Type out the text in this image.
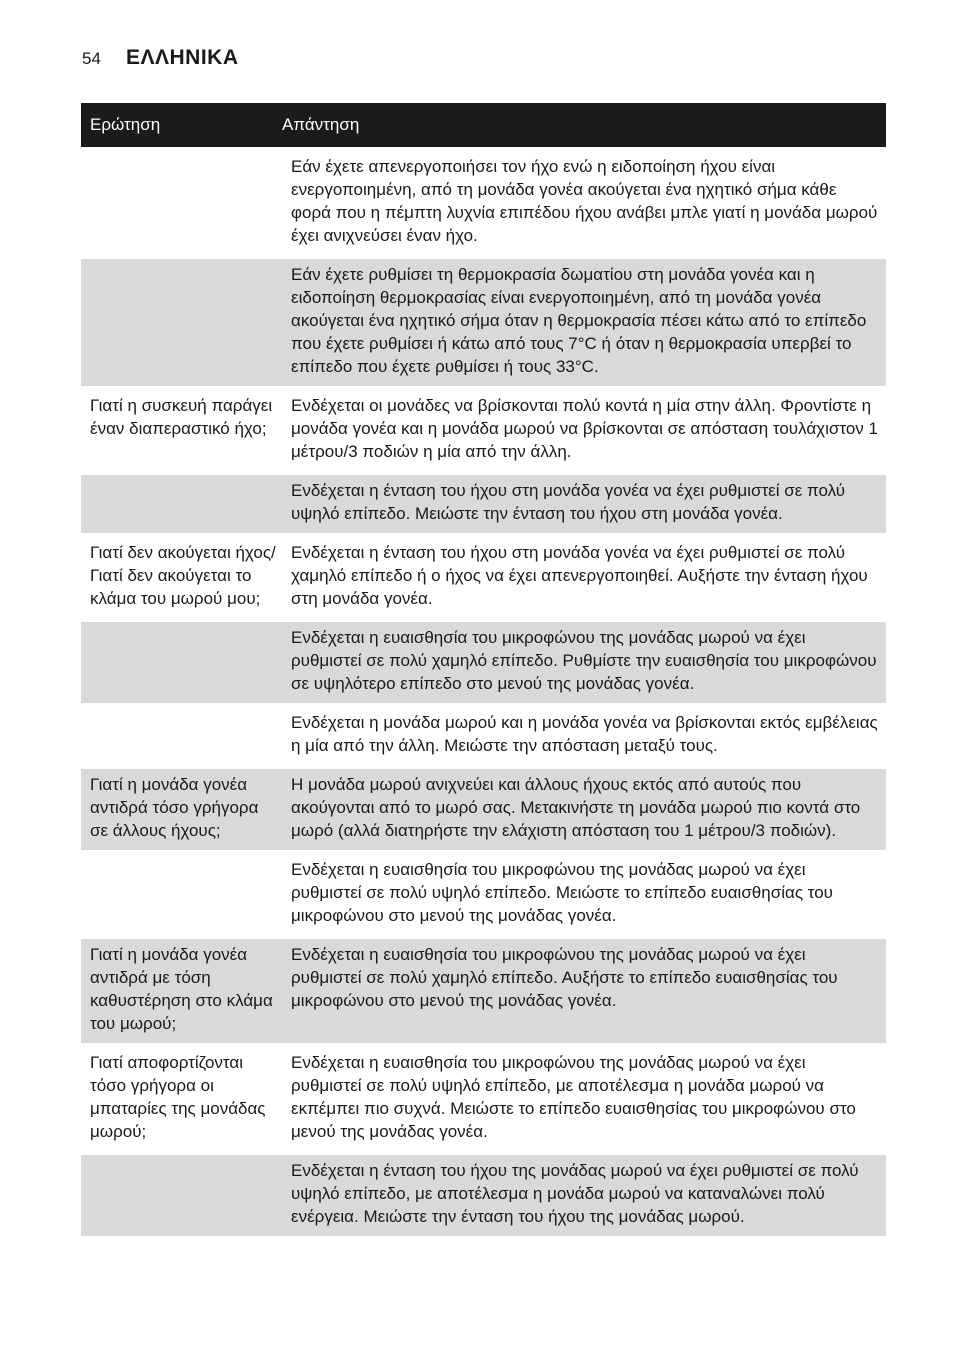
54	ΕΛΛΗΝΙΚΑ
Ερώτηση	Απάντηση
Εάν έχετε απενεργοποιήσει τον ήχο ενώ η ειδοποίηση ήχου είναι ενεργοποιημένη, από τη μονάδα γονέα ακούγεται ένα ηχητικό σήμα κάθε φορά που η πέμπτη λυχνία επιπέδου ήχου ανάβει μπλε γιατί η μονάδα μωρού έχει ανιχνεύσει έναν ήχο.
Εάν έχετε ρυθμίσει τη θερμοκρασία δωματίου στη μονάδα γονέα και η ειδοποίηση θερμοκρασίας είναι ενεργοποιημένη, από τη μονάδα γονέα ακούγεται ένα ηχητικό σήμα όταν η θερμοκρασία πέσει κάτω από το επίπεδο που έχετε ρυθμίσει ή κάτω από τους 7°C ή όταν η θερμοκρασία υπερβεί το επίπεδο που έχετε ρυθμίσει ή τους 33°C.
Γιατί η συσκευή παράγει έναν διαπεραστικό ήχο;
Ενδέχεται οι μονάδες να βρίσκονται πολύ κοντά η μία στην άλλη. Φροντίστε η μονάδα γονέα και η μονάδα μωρού να βρίσκονται σε απόσταση τουλάχιστον 1 μέτρου/3 ποδιών η μία από την άλλη.
Ενδέχεται η ένταση του ήχου στη μονάδα γονέα να έχει ρυθμιστεί σε πολύ υψηλό επίπεδο. Μειώστε την ένταση του ήχου στη μονάδα γονέα.
Γιατί δεν ακούγεται ήχος/Γιατί δεν ακούγεται το κλάμα του μωρού μου;
Ενδέχεται η ένταση του ήχου στη μονάδα γονέα να έχει ρυθμιστεί σε πολύ χαμηλό επίπεδο ή ο ήχος να έχει απενεργοποιηθεί. Αυξήστε την ένταση ήχου στη μονάδα γονέα.
Ενδέχεται η ευαισθησία του μικροφώνου της μονάδας μωρού να έχει ρυθμιστεί σε πολύ χαμηλό επίπεδο. Ρυθμίστε την ευαισθησία του μικροφώνου σε υψηλότερο επίπεδο στο μενού της μονάδας γονέα.
Ενδέχεται η μονάδα μωρού και η μονάδα γονέα να βρίσκονται εκτός εμβέλειας η μία από την άλλη. Μειώστε την απόσταση μεταξύ τους.
Γιατί η μονάδα γονέα αντιδρά τόσο γρήγορα σε άλλους ήχους;
Η μονάδα μωρού ανιχνεύει και άλλους ήχους εκτός από αυτούς που ακούγονται από το μωρό σας. Μετακινήστε τη μονάδα μωρού πιο κοντά στο μωρό (αλλά διατηρήστε την ελάχιστη απόσταση του 1 μέτρου/3 ποδιών).
Ενδέχεται η ευαισθησία του μικροφώνου της μονάδας μωρού να έχει ρυθμιστεί σε πολύ υψηλό επίπεδο. Μειώστε το επίπεδο ευαισθησίας του μικροφώνου στο μενού της μονάδας γονέα.
Γιατί η μονάδα γονέα αντιδρά με τόση καθυστέρηση στο κλάμα του μωρού;
Ενδέχεται η ευαισθησία του μικροφώνου της μονάδας μωρού να έχει ρυθμιστεί σε πολύ χαμηλό επίπεδο. Αυξήστε το επίπεδο ευαισθησίας του μικροφώνου στο μενού της μονάδας γονέα.
Γιατί αποφορτίζονται τόσο γρήγορα οι μπαταρίες της μονάδας μωρού;
Ενδέχεται η ευαισθησία του μικροφώνου της μονάδας μωρού να έχει ρυθμιστεί σε πολύ υψηλό επίπεδο, με αποτέλεσμα η μονάδα μωρού να εκπέμπει πιο συχνά. Μειώστε το επίπεδο ευαισθησίας του μικροφώνου στο μενού της μονάδας γονέα.
Ενδέχεται η ένταση του ήχου της μονάδας μωρού να έχει ρυθμιστεί σε πολύ υψηλό επίπεδο, με αποτέλεσμα η μονάδα μωρού να καταναλώνει πολύ ενέργεια. Μειώστε την ένταση του ήχου της μονάδας μωρού.
